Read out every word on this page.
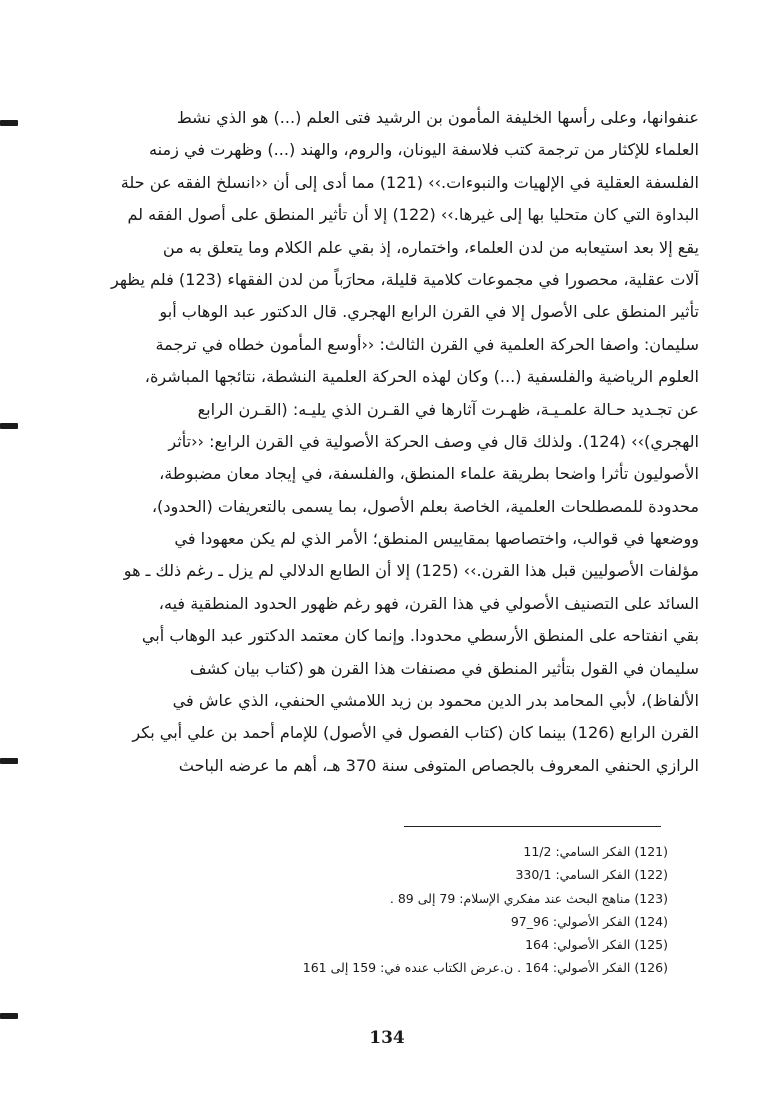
عنفوانها، وعلى رأسها الخليفة المأمون بن الرشيد فتى العلم (...) هو الذي نشط
العلماء للإكثار من ترجمة كتب فلاسفة اليونان، والروم، والهند (...) وظهرت في زمنه
الفلسفة العقلية في الإلهيات والنبوءات.›› (121) مما أدى إلى أن ‹‹انسلخ الفقه عن حلة
البداوة التي كان متحليا بها إلى غيرها.›› (122) إلا أن تأثير المنطق على أصول الفقه لم
يقع إلا بعد استيعابه من لدن العلماء، واختماره، إذ بقي علم الكلام وما يتعلق به من
آلات عقلية، محصورا في مجموعات كلامية قليلة، محارَباً من لدن الفقهاء (123) فلم يظهر
تأثير المنطق على الأصول إلا في القرن الرابع الهجري. قال الدكتور عبد الوهاب أبو
سليمان: واصفا الحركة العلمية في القرن الثالث: ‹‹أوسع المأمون خطاه في ترجمة
العلوم الرياضية والفلسفية (...) وكان لهذه الحركة العلمية النشطة، نتائجها المباشرة،
عن تجـديد حـالة علمـيـة، ظهـرت آثارها في القـرن الذي يليـه: (القـرن الرابع
الهجري)›› (124). ولذلك قال في وصف الحركة الأصولية في القرن الرابع: ‹‹تأثر
الأصوليون تأثرا واضحا بطريقة علماء المنطق، والفلسفة، في إيجاد معان مضبوطة،
محدودة للمصطلحات العلمية، الخاصة بعلم الأصول، بما يسمى بالتعريفات (الحدود)،
ووضعها في قوالب، واختصاصها بمقاييس المنطق؛ الأمر الذي لم يكن معهودا في
مؤلفات الأصوليين قبل هذا القرن.›› (125) إلا أن الطابع الدلالي لم يزل ـ رغم ذلك ـ هو
السائد على التصنيف الأصولي في هذا القرن، فهو رغم ظهور الحدود المنطقية فيه،
بقي انفتاحه على المنطق الأرسطي محدودا. وإنما كان معتمد الدكتور عبد الوهاب أبي
سليمان في القول بتأثير المنطق في مصنفات هذا القرن هو (كتاب بيان كشف
الألفاظ)، لأبي المحامد بدر الدين محمود بن زيد اللامشي الحنفي، الذي عاش في
القرن الرابع (126) بينما كان (كتاب الفصول في الأصول) للإمام أحمد بن علي أبي بكر
الرازي الحنفي المعروف بالجصاص المتوفى سنة 370 هـ، أهم ما عرضه الباحث
(121) الفكر السامي: 11/2
(122) الفكر السامي: 330/1
(123) مناهج البحث عند مفكري الإسلام: 79 إلى 89 .
(124) الفكر الأصولي: 96_97
(125) الفكر الأصولي: 164
(126) الفكر الأصولي: 164 . ن.عرض الكتاب عنده في: 159 إلى 161
134
